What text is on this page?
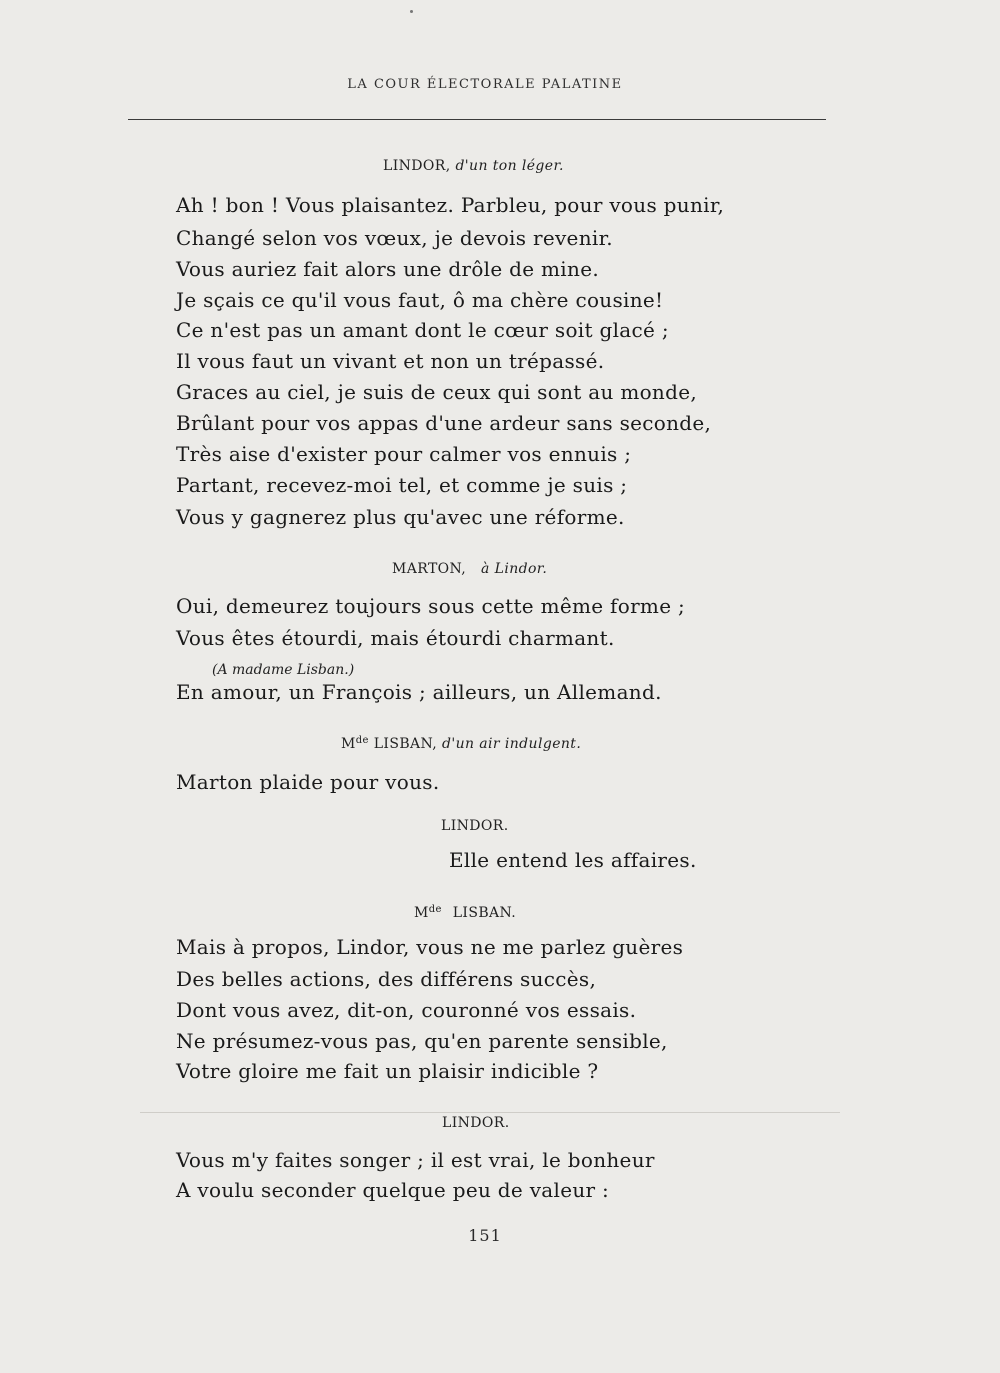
LA COUR ÉLECTORALE PALATINE
LINDOR, d'un ton léger.
Ah ! bon ! Vous plaisantez. Parbleu, pour vous punir,
Changé selon vos vœux, je devois revenir.
Vous auriez fait alors une drôle de mine.
Je sçais ce qu'il vous faut, ô ma chère cousine!
Ce n'est pas un amant dont le cœur soit glacé ;
Il vous faut un vivant et non un trépassé.
Graces au ciel, je suis de ceux qui sont au monde,
Brûlant pour vos appas d'une ardeur sans seconde,
Très aise d'exister pour calmer vos ennuis ;
Partant, recevez-moi tel, et comme je suis ;
Vous y gagnerez plus qu'avec une réforme.
MARTON, à Lindor.
Oui, demeurez toujours sous cette même forme ;
Vous êtes étourdi, mais étourdi charmant.
(A madame Lisban.)
En amour, un François ; ailleurs, un Allemand.
Mde LISBAN, d'un air indulgent.
Marton plaide pour vous.
LINDOR.
Elle entend les affaires.
Mde LISBAN.
Mais à propos, Lindor, vous ne me parlez guères
Des belles actions, des différens succès,
Dont vous avez, dit-on, couronné vos essais.
Ne présumez-vous pas, qu'en parente sensible,
Votre gloire me fait un plaisir indicible ?
LINDOR.
Vous m'y faites songer ; il est vrai, le bonheur
A voulu seconder quelque peu de valeur :
151
